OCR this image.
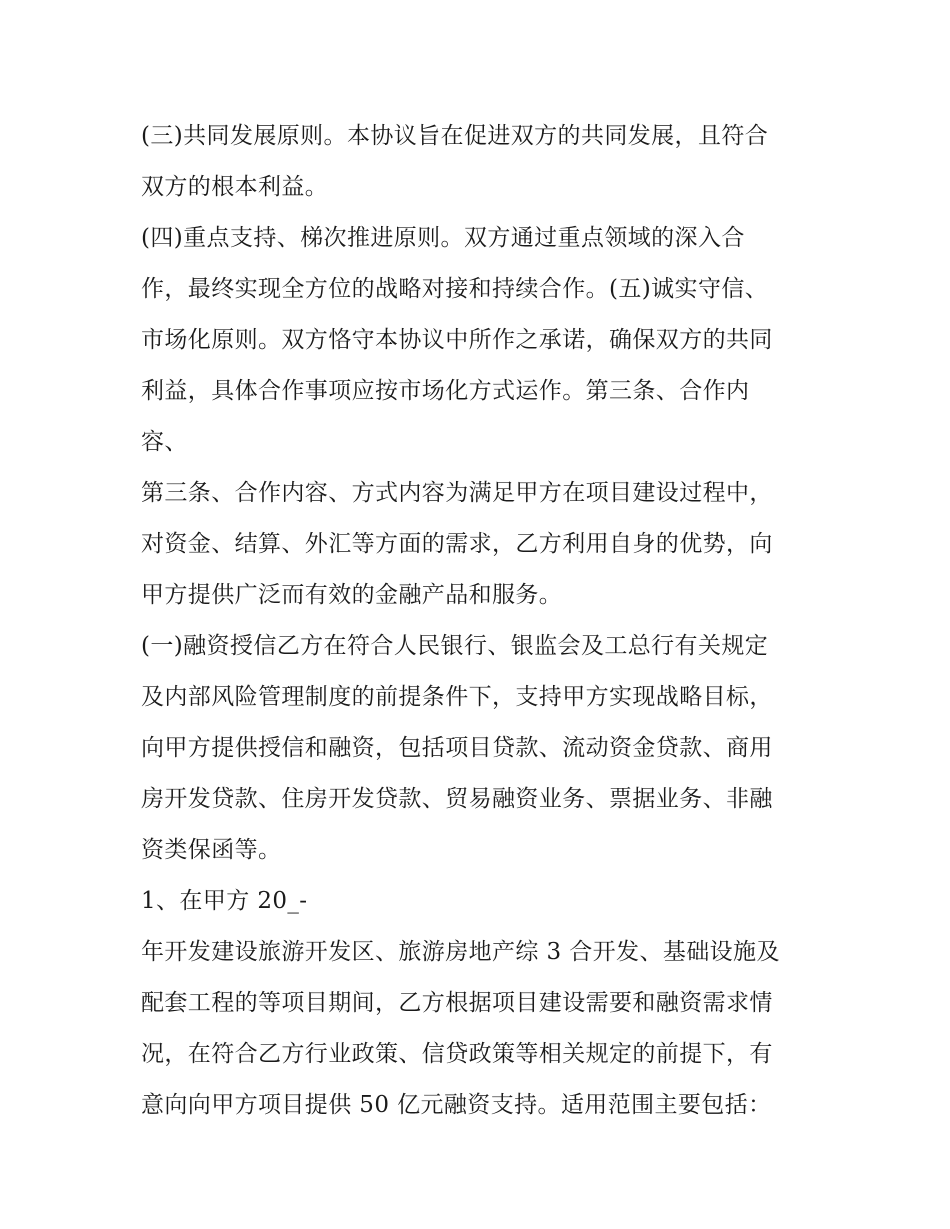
(三)共同发展原则。本协议旨在促进双方的共同发展，且符合
双方的根本利益。
(四)重点支持、梯次推进原则。双方通过重点领域的深入合
作，最终实现全方位的战略对接和持续合作。(五)诚实守信、
市场化原则。双方恪守本协议中所作之承诺，确保双方的共同
利益，具体合作事项应按市场化方式运作。第三条、合作内
容、
第三条、合作内容、方式内容为满足甲方在项目建设过程中，
对资金、结算、外汇等方面的需求，乙方利用自身的优势，向
甲方提供广泛而有效的金融产品和服务。
(一)融资授信乙方在符合人民银行、银监会及工总行有关规定
及内部风险管理制度的前提条件下，支持甲方实现战略目标，
向甲方提供授信和融资，包括项目贷款、流动资金贷款、商用
房开发贷款、住房开发贷款、贸易融资业务、票据业务、非融
资类保函等。
1、在甲方 20_-
年开发建设旅游开发区、旅游房地产综 3 合开发、基础设施及
配套工程的等项目期间，乙方根据项目建设需要和融资需求情
况，在符合乙方行业政策、信贷政策等相关规定的前提下，有
意向向甲方项目提供 50 亿元融资支持。适用范围主要包括：
